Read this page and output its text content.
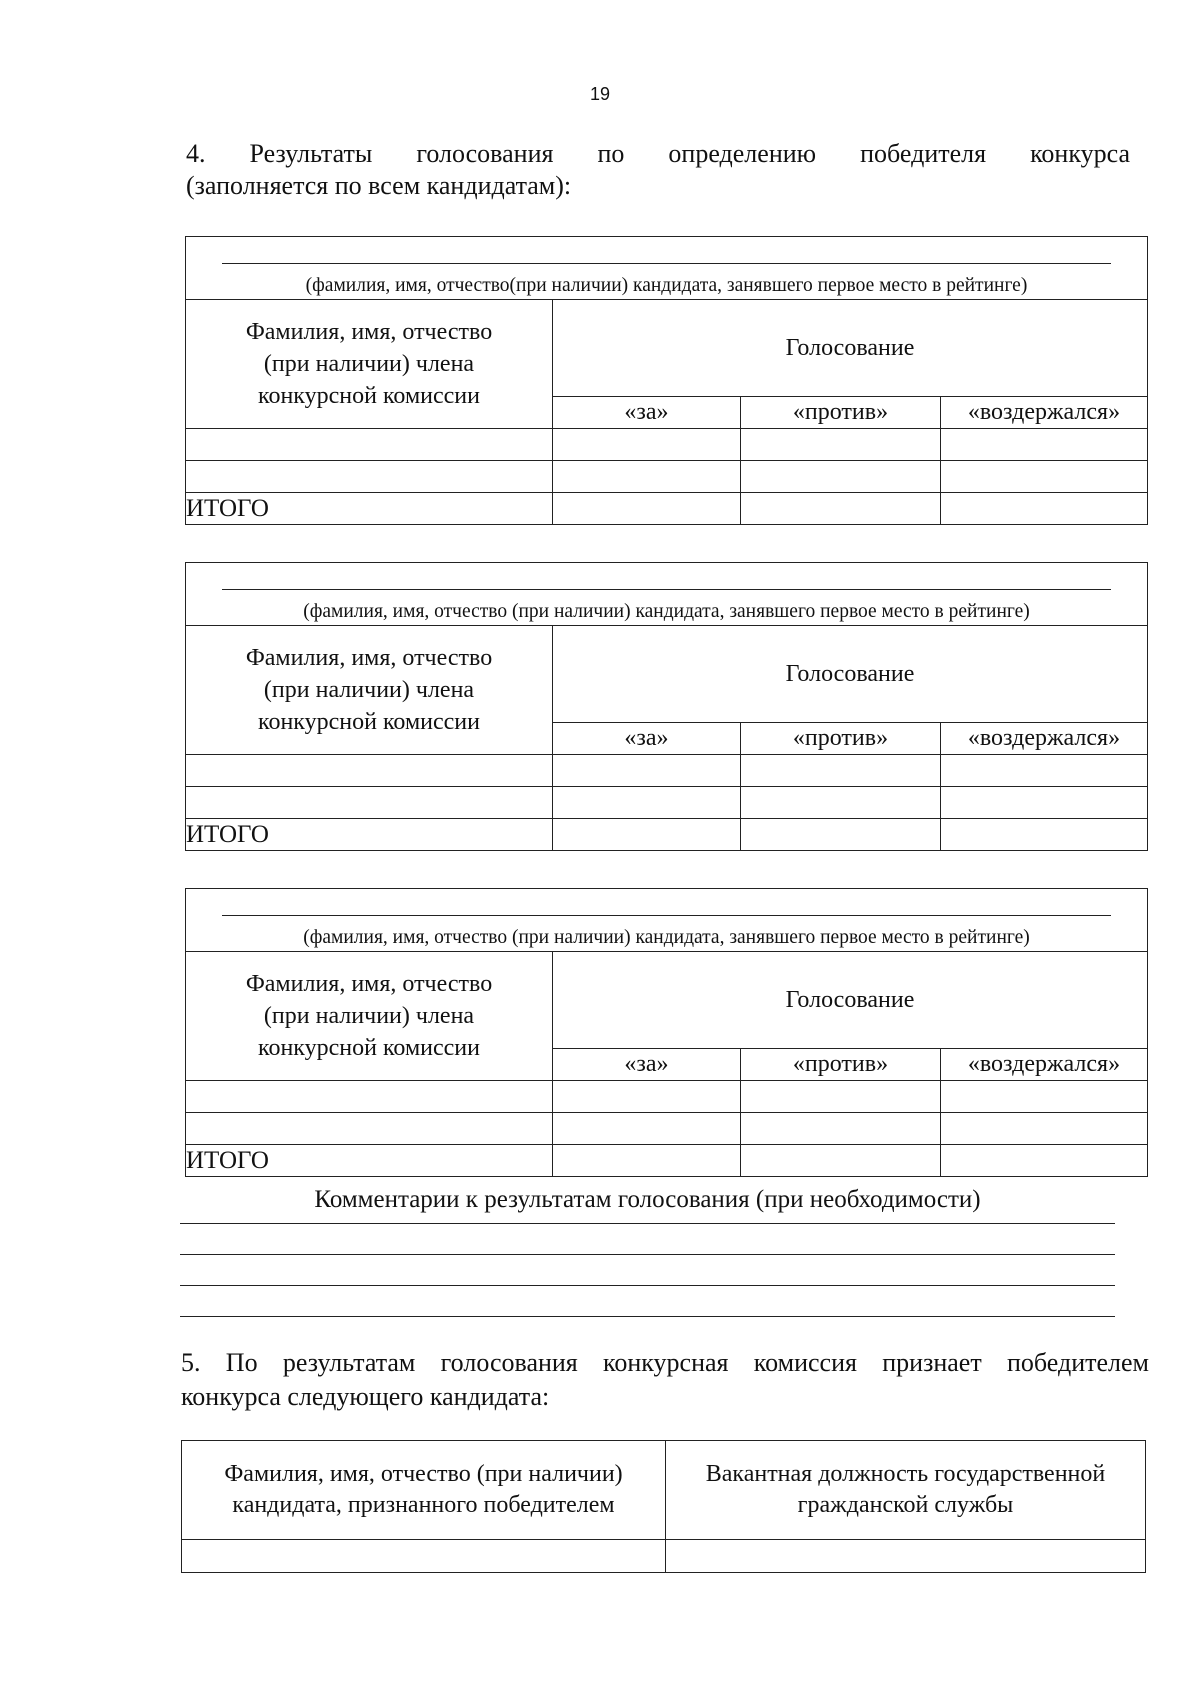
19
4. Результаты голосования по определению победителя конкурса
(заполняется по всем кандидатам):
(фамилия, имя, отчество(при наличии) кандидата, занявшего первое место в рейтинге)			

Фамилия, имя, отчество (при наличии) члена конкурсной комиссии	Голосование		
	«за»	«против»	«воздержался»

ИТОГО			
(фамилия, имя, отчество (при наличии) кандидата, занявшего первое место в рейтинге)			

Фамилия, имя, отчество (при наличии) члена конкурсной комиссии	Голосование		
	«за»	«против»	«воздержался»

ИТОГО			
(фамилия, имя, отчество (при наличии) кандидата, занявшего первое место в рейтинге)			

Фамилия, имя, отчество (при наличии) члена конкурсной комиссии	Голосование		
	«за»	«против»	«воздержался»

ИТОГО			
Комментарии к результатам голосования (при необходимости)
5. По результатам голосования конкурсная комиссия признает победителем
конкурса следующего кандидата:
Фамилия, имя, отчество (при наличии) кандидата, признанного победителем	Вакантная должность государственной гражданской службы
